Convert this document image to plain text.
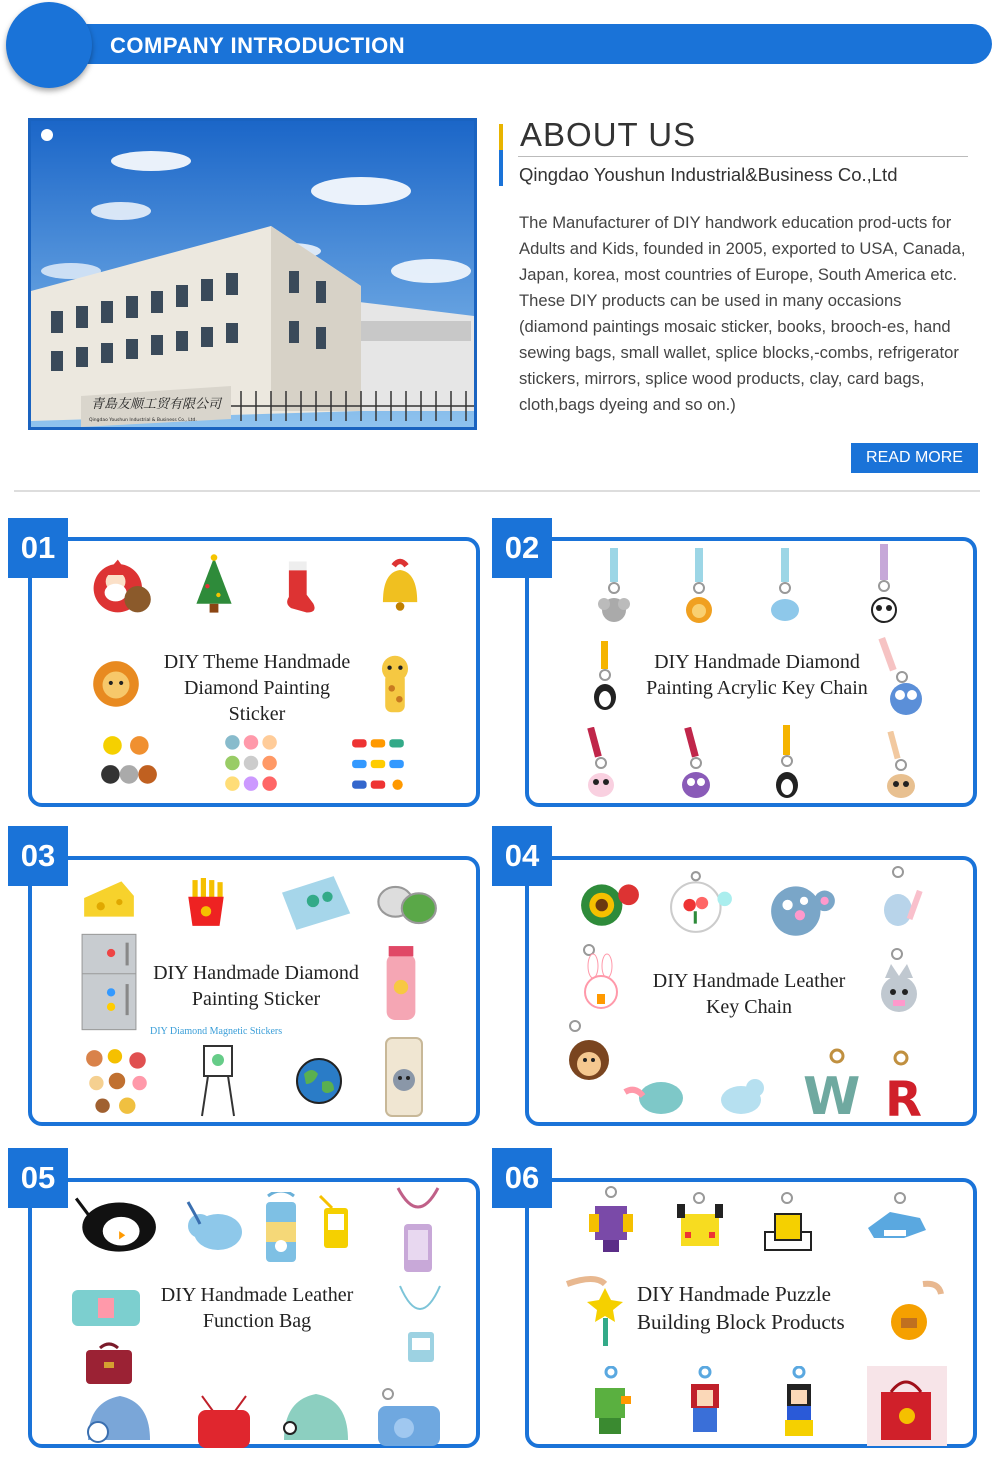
COMPANY INTRODUCTION
青島友顺工贸有限公司
Qingdao Youshun Industrial & Business Co., Ltd.
ABOUT US
Qingdao Youshun Industrial&Business Co.,Ltd

The Manufacturer of DIY handwork education prod-ucts for Adults and Kids, founded in 2005, exported to USA, Canada, Japan, korea, most countries of Europe, South America etc.

These DIY products can be used in many occasions (diamond paintings mosaic sticker, books, brooch-es, hand sewing bags, small wallet, splice blocks,-combs, refrigerator stickers, mirrors, splice wood products, clay, card bags, cloth,bags dyeing and so on.)

READ MORE
DIY Theme Handmade
Diamond Painting
Sticker
01
DIY Handmade Diamond
Painting Acrylic Key Chain
02
DIY Handmade Diamond
Painting Sticker
DIY Diamond Magnetic Stickers
03
W R
DIY Handmade Leather
Key Chain
04
DIY Handmade Leather
Function Bag
05
DIY Handmade Puzzle
Building Block Products
06
